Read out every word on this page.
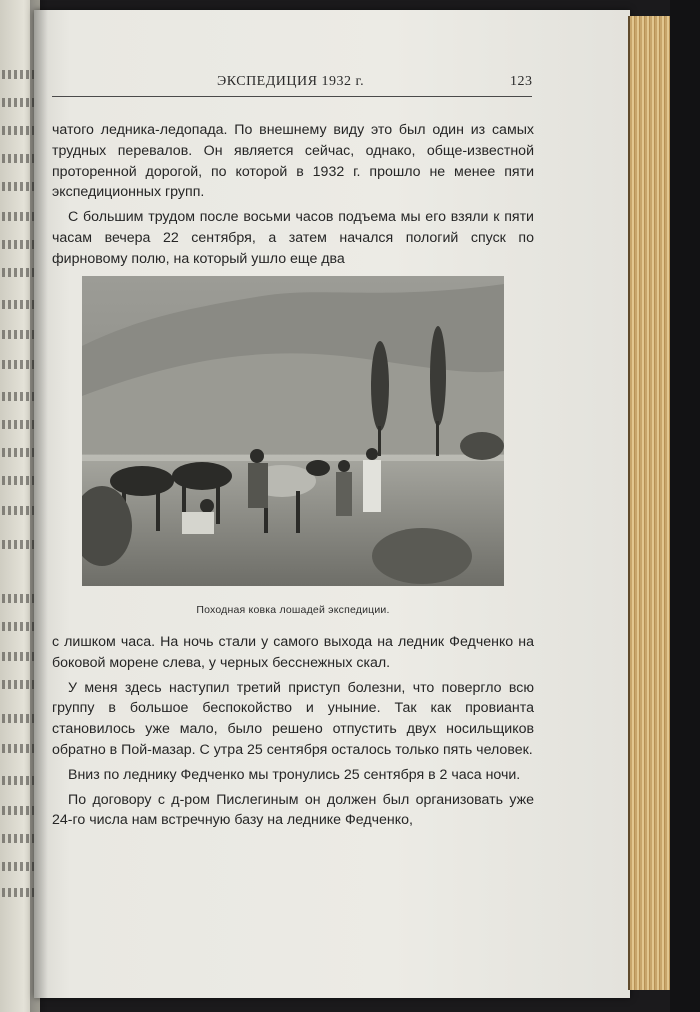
ЭКСПЕДИЦИЯ 1932 г.	123

чатого ледника-ледопада. По внешнему виду это был один из самых трудных перевалов. Он является сейчас, однако, обще-известной проторенной дорогой, по которой в 1932 г. прошло не менее пяти экспедиционных групп.

С большим трудом после восьми часов подъема мы его взяли к пяти часам вечера 22 сентября, а затем начался пологий спуск по фирновому полю, на который ушло еще два

Походная ковка лошадей экспедиции.

с лишком часа. На ночь стали у самого выхода на ледник Федченко на боковой морене слева, у черных бесснежных скал.

У меня здесь наступил третий приступ болезни, что повергло всю группу в большое беспокойство и уныние. Так как провианта становилось уже мало, было решено отпустить двух носильщиков обратно в Пой-мазар. С утра 25 сентября осталось только пять человек.

Вниз по леднику Федченко мы тронулись 25 сентября в 2 часа ночи.

По договору с д-ром Пислегиным он должен был организовать уже 24-го числа нам встречную базу на леднике Федченко,
